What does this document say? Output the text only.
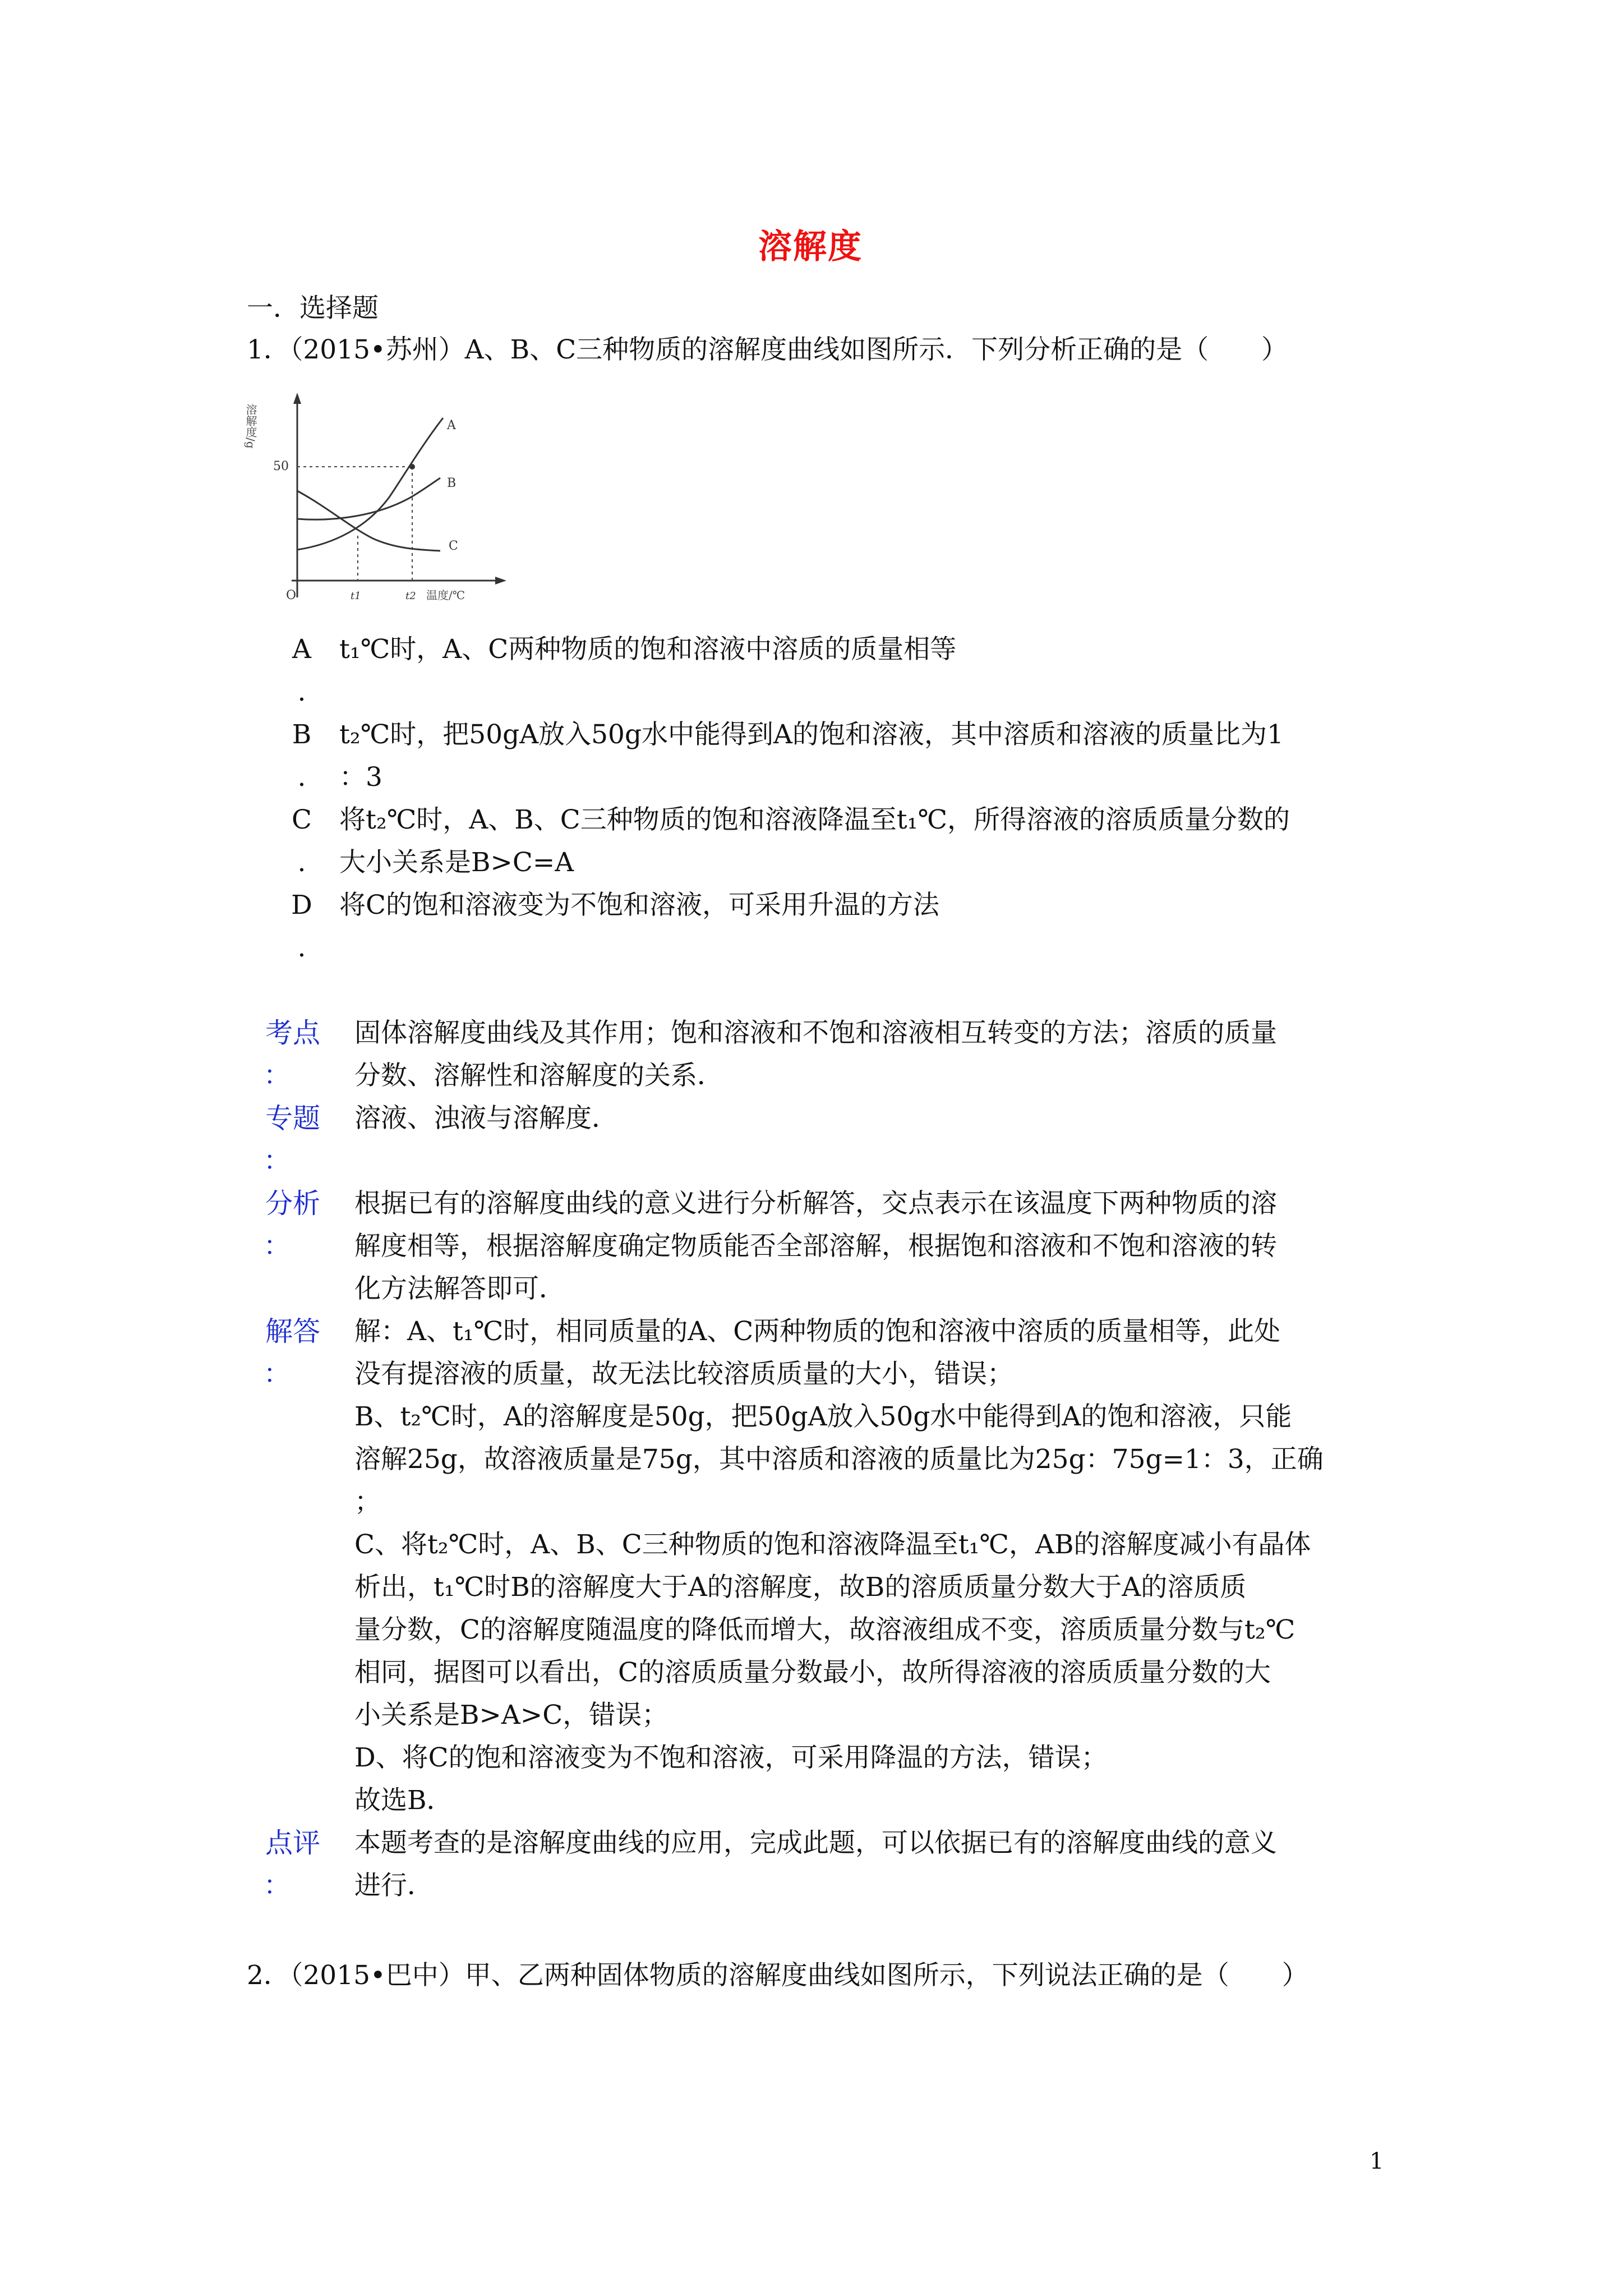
溶解度
一．选择题
1．（2015•苏州）A、B、C三种物质的溶解度曲线如图所示．下列分析正确的是（　　）
溶解度/g
50
A
B
C
O	t1	t2 温度/℃
A t₁℃时，A、C两种物质的饱和溶液中溶质的质量相等
.
B t₂℃时，把50gA放入50g水中能得到A的饱和溶液，其中溶质和溶液的质量比为1
. ：3
C 将t₂℃时，A、B、C三种物质的饱和溶液降温至t₁℃，所得溶液的溶质质量分数的
. 大小关系是B>C=A
D 将C的饱和溶液变为不饱和溶液，可采用升温的方法
.
考点
：
固体溶解度曲线及其作用；饱和溶液和不饱和溶液相互转变的方法；溶质的质量
分数、溶解性和溶解度的关系．
专题
：
溶液、浊液与溶解度．
分析
：
根据已有的溶解度曲线的意义进行分析解答，交点表示在该温度下两种物质的溶
解度相等，根据溶解度确定物质能否全部溶解，根据饱和溶液和不饱和溶液的转
化方法解答即可．
解答
：
解：A、t₁℃时，相同质量的A、C两种物质的饱和溶液中溶质的质量相等，此处
没有提溶液的质量，故无法比较溶质质量的大小，错误；
B、t₂℃时，A的溶解度是50g，把50gA放入50g水中能得到A的饱和溶液，只能
溶解25g，故溶液质量是75g，其中溶质和溶液的质量比为25g：75g=1：3，正确
；
C、将t₂℃时，A、B、C三种物质的饱和溶液降温至t₁℃，AB的溶解度减小有晶体
析出，t₁℃时B的溶解度大于A的溶解度，故B的溶质质量分数大于A的溶质质
量分数，C的溶解度随温度的降低而增大，故溶液组成不变，溶质质量分数与t₂℃
相同，据图可以看出，C的溶质质量分数最小，故所得溶液的溶质质量分数的大
小关系是B>A>C，错误；
D、将C的饱和溶液变为不饱和溶液，可采用降温的方法，错误；
故选B．
点评
：
本题考查的是溶解度曲线的应用，完成此题，可以依据已有的溶解度曲线的意义
进行．
2．（2015•巴中）甲、乙两种固体物质的溶解度曲线如图所示，下列说法正确的是（　　）
1
